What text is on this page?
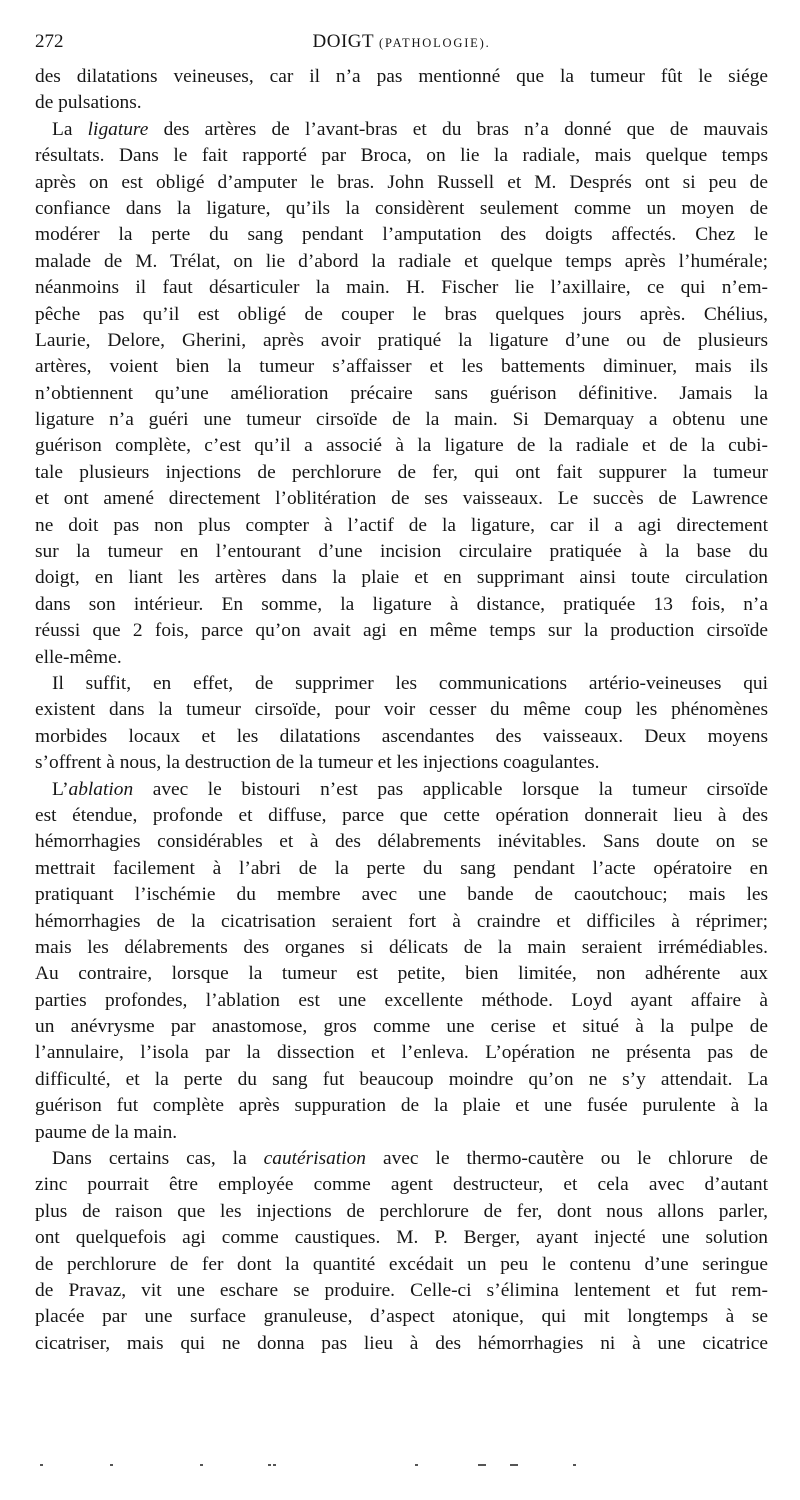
272	DOIGT (PATHOLOGIE).
des dilatations veineuses, car il n’a pas mentionné que la tumeur fût le siége
de pulsations.
La ligature des artères de l’avant-bras et du bras n’a donné que de mauvais
résultats. Dans le fait rapporté par Broca, on lie la radiale, mais quelque temps
après on est obligé d’amputer le bras. John Russell et M. Després ont si peu de
confiance dans la ligature, qu’ils la considèrent seulement comme un moyen de
modérer la perte du sang pendant l’amputation des doigts affectés. Chez le
malade de M. Trélat, on lie d’abord la radiale et quelque temps après l’humérale;
néanmoins il faut désarticuler la main. H. Fischer lie l’axillaire, ce qui n’em-
pêche pas qu’il est obligé de couper le bras quelques jours après. Chélius,
Laurie, Delore, Gherini, après avoir pratiqué la ligature d’une ou de plusieurs
artères, voient bien la tumeur s’affaisser et les battements diminuer, mais ils
n’obtiennent qu’une amélioration précaire sans guérison définitive. Jamais la
ligature n’a guéri une tumeur cirsoïde de la main. Si Demarquay a obtenu une
guérison complète, c’est qu’il a associé à la ligature de la radiale et de la cubi-
tale plusieurs injections de perchlorure de fer, qui ont fait suppurer la tumeur
et ont amené directement l’oblitération de ses vaisseaux. Le succès de Lawrence
ne doit pas non plus compter à l’actif de la ligature, car il a agi directement
sur la tumeur en l’entourant d’une incision circulaire pratiquée à la base du
doigt, en liant les artères dans la plaie et en supprimant ainsi toute circulation
dans son intérieur. En somme, la ligature à distance, pratiquée 13 fois, n’a
réussi que 2 fois, parce qu’on avait agi en même temps sur la production cirsoïde
elle-même.
Il suffit, en effet, de supprimer les communications artério-veineuses qui
existent dans la tumeur cirsoïde, pour voir cesser du même coup les phénomènes
morbides locaux et les dilatations ascendantes des vaisseaux. Deux moyens
s’offrent à nous, la destruction de la tumeur et les injections coagulantes.
L’ablation avec le bistouri n’est pas applicable lorsque la tumeur cirsoïde
est étendue, profonde et diffuse, parce que cette opération donnerait lieu à des
hémorrhagies considérables et à des délabrements inévitables. Sans doute on se
mettrait facilement à l’abri de la perte du sang pendant l’acte opératoire en
pratiquant l’ischémie du membre avec une bande de caoutchouc; mais les
hémorrhagies de la cicatrisation seraient fort à craindre et difficiles à réprimer;
mais les délabrements des organes si délicats de la main seraient irrémédiables.
Au contraire, lorsque la tumeur est petite, bien limitée, non adhérente aux
parties profondes, l’ablation est une excellente méthode. Loyd ayant affaire à
un anévrysme par anastomose, gros comme une cerise et situé à la pulpe de
l’annulaire, l’isola par la dissection et l’enleva. L’opération ne présenta pas de
difficulté, et la perte du sang fut beaucoup moindre qu’on ne s’y attendait. La
guérison fut complète après suppuration de la plaie et une fusée purulente à la
paume de la main.
Dans certains cas, la cautérisation avec le thermo-cautère ou le chlorure de
zinc pourrait être employée comme agent destructeur, et cela avec d’autant
plus de raison que les injections de perchlorure de fer, dont nous allons parler,
ont quelquefois agi comme caustiques. M. P. Berger, ayant injecté une solution
de perchlorure de fer dont la quantité excédait un peu le contenu d’une seringue
de Pravaz, vit une eschare se produire. Celle-ci s’élimina lentement et fut rem-
placée par une surface granuleuse, d’aspect atonique, qui mit longtemps à se
cicatriser, mais qui ne donna pas lieu à des hémorrhagies ni à une cicatrice
